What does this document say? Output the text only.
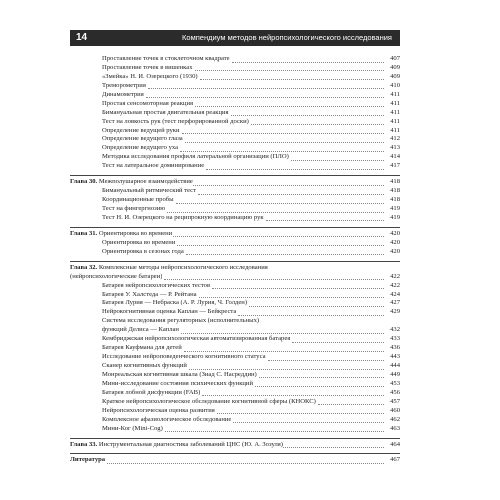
14	Компендиум методов нейропсихологического исследования
Проставление точек в стоклеточном квадрате	407
Проставление точек в вишенках	409
«Змейка» Н. И. Озерецкого (1930)	409
Треморометрия	410
Динамометрия	411
Простая сенсомоторная реакция	411
Бимануальная простая двигательная реакция	411
Тест на ловкость рук (тест перфорированной доски)	411
Определение ведущей руки	411
Определение ведущего глаза	412
Определение ведущего уха	413
Методика исследования профиля латеральной организации (ПЛО)	414
Тест на латеральное доминирование	417
Глава 30. Межполушарное взаимодействие	418
Бимануальный ритмический тест	418
Координационные пробы	418
Тест на фингергнозию	419
Тест Н. И. Озерецкого на реципрокную координацию рук	419
Глава 31. Ориентировка во времени	420
Ориентировка во времени	420
Ориентировка в сезонах года	420
Глава 32. Комплексные методы нейропсихологического исследования
(нейропсихологические батареи)	422
Батарея нейропсихологических тестов	422
Батарея У. Халстеда — Р. Рейтана	424
Батарея Лурия — Небраска (А. Р. Лурия, Ч. Голден)	427
Нейрокогнитивная оценка Каплан — Бейкреста	429
Система исследования регуляторных (исполнительных)
функций Делиса — Каплан	432
Кембриджская нейропсихологическая автоматизированная батарея	433
Батарея Кауфмана для детей	436
Исследование нейроповеденческого когнитивного статуса	443
Сканер когнитивных функций	444
Монреальская когнитивная шкала (Зиад С. Насреддин)	449
Мини-исследование состояния психических функций	453
Батарея лобной дисфункции (FAB)	456
Краткое нейропсихологическое обследование когнитивной сферы (КНОКС)	457
Нейропсихологическая оценка развития	460
Комплексное афазиологическое обследование	462
Мини-Ког (Mini-Cog)	463
Глава 33. Инструментальная диагностика заболеваний ЦНС (Ю. А. Зозуля)	464
Литература	467
